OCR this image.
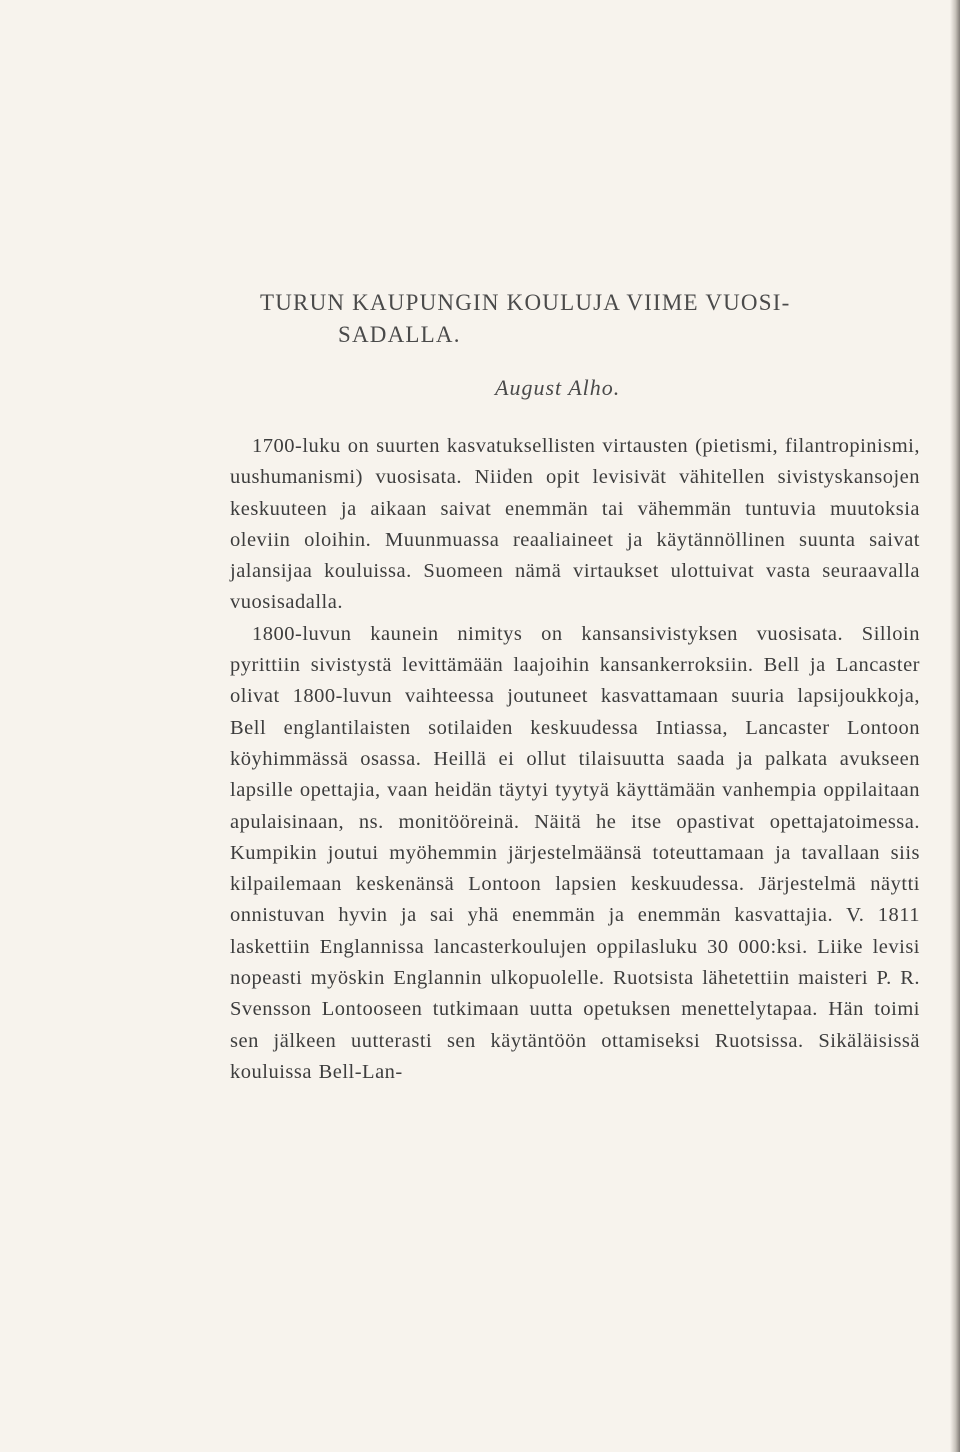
TURUN KAUPUNGIN KOULUJA VIIME VUOSI-
SADALLA.
August Alho.

1700-luku on suurten kasvatuksellisten virtausten (pietismi, filantropinismi, uushumanismi) vuosisata. Niiden opit levisivät vähitellen sivistyskansojen keskuuteen ja aikaan saivat enemmän tai vähemmän tuntuvia muutoksia oleviin oloihin. Muunmuassa reaaliaineet ja käytännöllinen suunta saivat jalansijaa kouluissa. Suomeen nämä virtaukset ulottuivat vasta seuraavalla vuosisadalla.

1800-luvun kaunein nimitys on kansansivistyksen vuosisata. Silloin pyrittiin sivistystä levittämään laajoihin kansankerroksiin. Bell ja Lancaster olivat 1800-luvun vaihteessa joutuneet kasvattamaan suuria lapsijoukkoja, Bell englantilaisten sotilaiden keskuudessa Intiassa, Lancaster Lontoon köyhimmässä osassa. Heillä ei ollut tilaisuutta saada ja palkata avukseen lapsille opettajia, vaan heidän täytyi tyytyä käyttämään vanhempia oppilaitaan apulaisinaan, ns. monitööreinä. Näitä he itse opastivat opettajatoimessa. Kumpikin joutui myöhemmin järjestelmäänsä toteuttamaan ja tavallaan siis kilpailemaan keskenänsä Lontoon lapsien keskuudessa. Järjestelmä näytti onnistuvan hyvin ja sai yhä enemmän ja enemmän kasvattajia. V. 1811 laskettiin Englannissa lancasterkoulujen oppilasluku 30 000:ksi. Liike levisi nopeasti myöskin Englannin ulkopuolelle. Ruotsista lähetettiin maisteri P. R. Svensson Lontooseen tutkimaan uutta opetuksen menettelytapaa. Hän toimi sen jälkeen uutterasti sen käytäntöön ottamiseksi Ruotsissa. Sikäläisissä kouluissa Bell-Lan-
